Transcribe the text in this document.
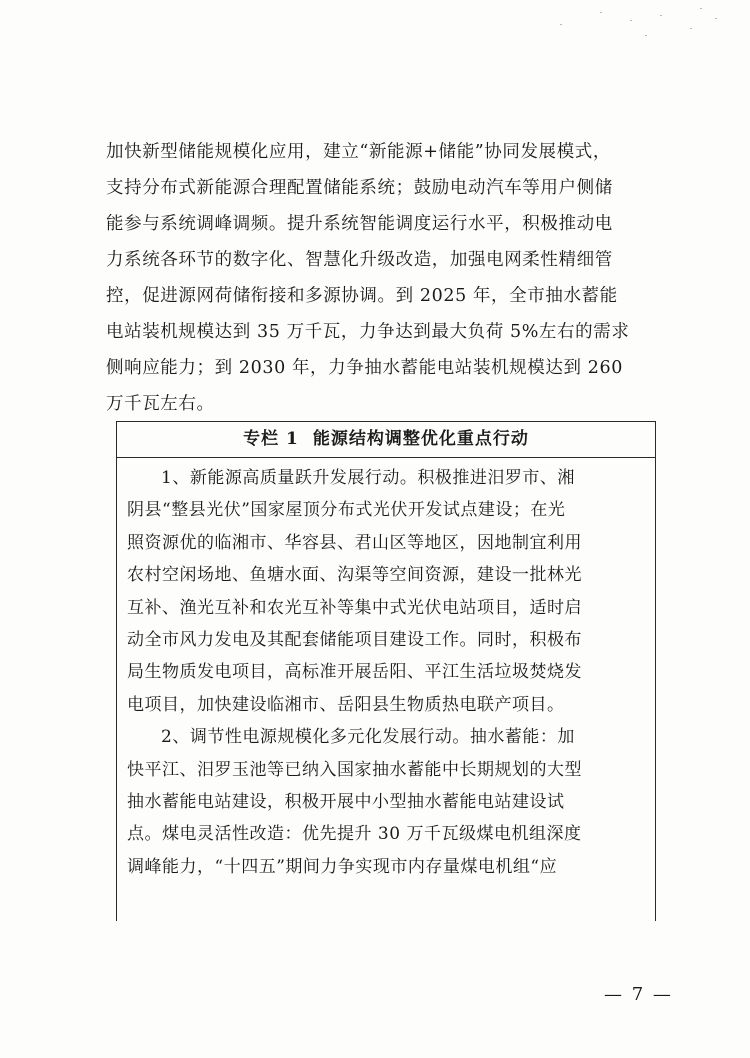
加快新型储能规模化应用，建立“新能源+储能”协同发展模式，
支持分布式新能源合理配置储能系统；鼓励电动汽车等用户侧储
能参与系统调峰调频。提升系统智能调度运行水平，积极推动电
力系统各环节的数字化、智慧化升级改造，加强电网柔性精细管
控，促进源网荷储衔接和多源协调。到 2025 年，全市抽水蓄能
电站装机规模达到 35 万千瓦，力争达到最大负荷 5%左右的需求
侧响应能力；到 2030 年，力争抽水蓄能电站装机规模达到 260
万千瓦左右。
专栏 1 能源结构调整优化重点行动
1、新能源高质量跃升发展行动。积极推进汨罗市、湘
阴县“整县光伏”国家屋顶分布式光伏开发试点建设；在光
照资源优的临湘市、华容县、君山区等地区，因地制宜利用
农村空闲场地、鱼塘水面、沟渠等空间资源，建设一批林光
互补、渔光互补和农光互补等集中式光伏电站项目，适时启
动全市风力发电及其配套储能项目建设工作。同时，积极布
局生物质发电项目，高标准开展岳阳、平江生活垃圾焚烧发
电项目，加快建设临湘市、岳阳县生物质热电联产项目。
2、调节性电源规模化多元化发展行动。抽水蓄能：加
快平江、汨罗玉池等已纳入国家抽水蓄能中长期规划的大型
抽水蓄能电站建设，积极开展中小型抽水蓄能电站建设试
点。煤电灵活性改造：优先提升 30 万千瓦级煤电机组深度
调峰能力，“十四五”期间力争实现市内存量煤电机组“应
— 7 —
